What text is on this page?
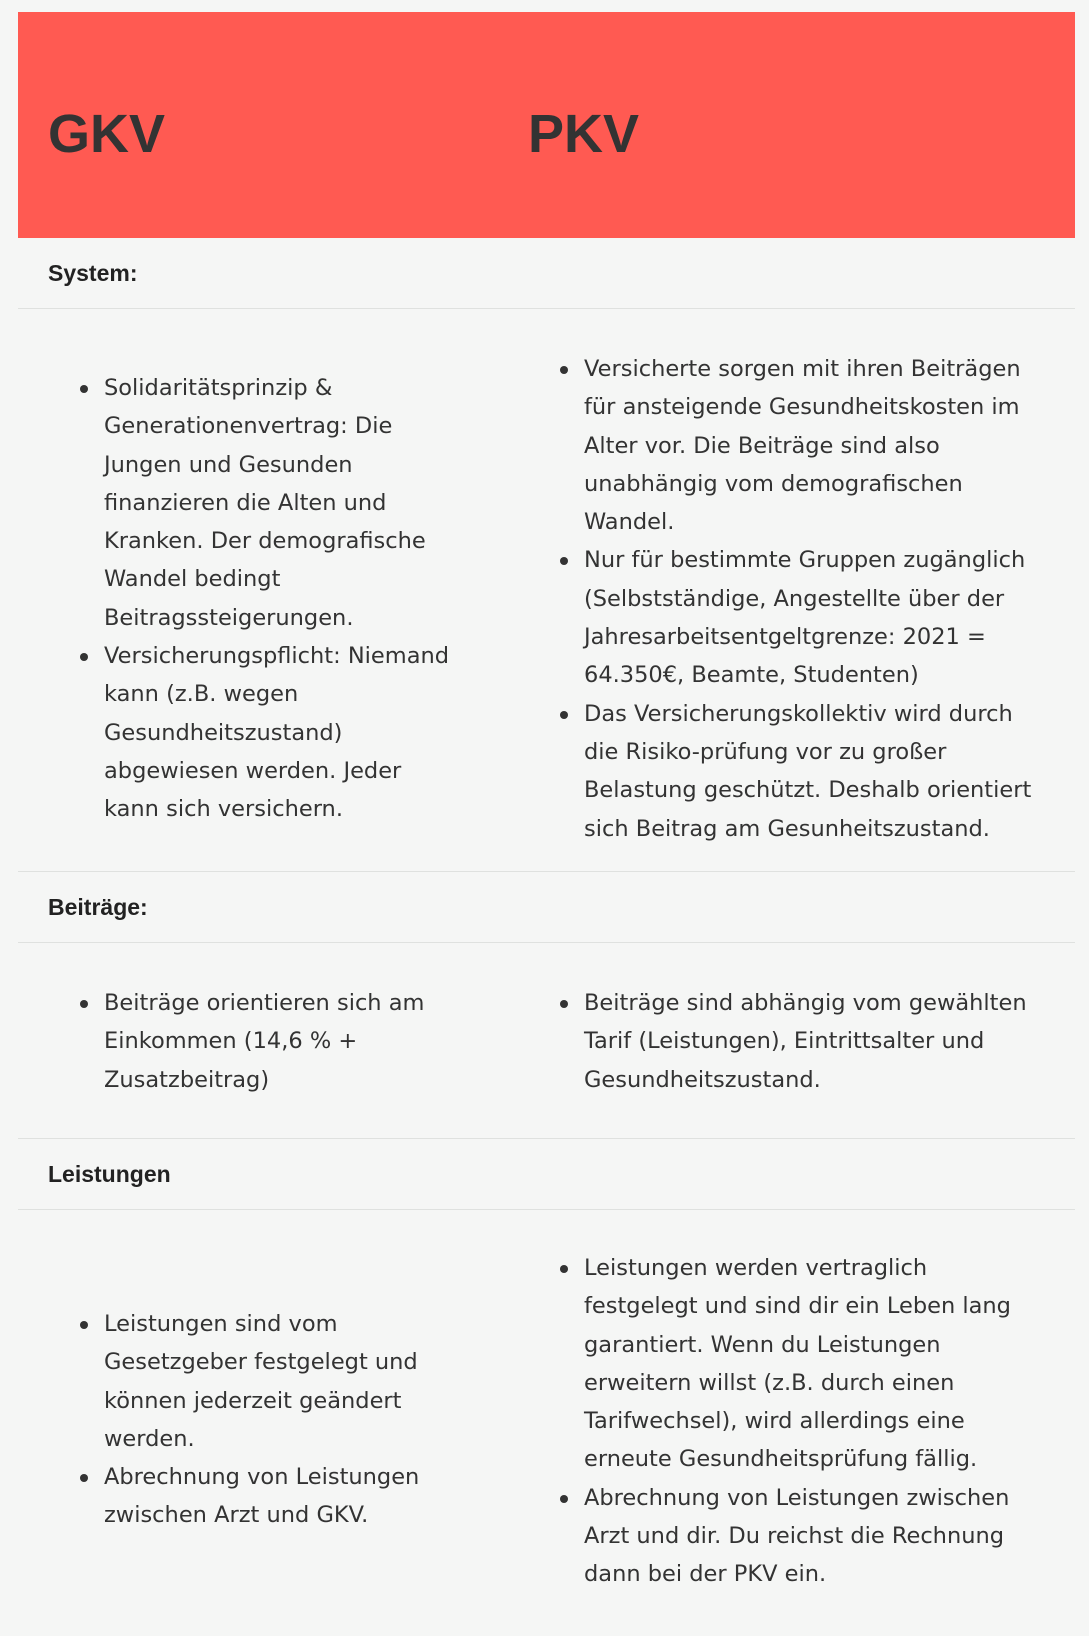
GKV	PKV
System:
Solidaritätsprinzip &
Generationenvertrag: Die
Jungen und Gesunden
finanzieren die Alten und
Kranken. Der demografische
Wandel bedingt
Beitragssteigerungen.
Versicherungspflicht: Niemand
kann (z.B. wegen
Gesundheitszustand)
abgewiesen werden. Jeder
kann sich versichern.
Versicherte sorgen mit ihren Beiträgen
für ansteigende Gesundheitskosten im
Alter vor. Die Beiträge sind also
unabhängig vom demografischen
Wandel.
Nur für bestimmte Gruppen zugänglich
(Selbstständige, Angestellte über der
Jahresarbeitsentgeltgrenze: 2021 =
64.350€, Beamte, Studenten)
Das Versicherungskollektiv wird durch
die Risiko-prüfung vor zu großer
Belastung geschützt. Deshalb orientiert
sich Beitrag am Gesunheitszustand.
Beiträge:
Beiträge orientieren sich am
Einkommen (14,6 % +
Zusatzbeitrag)
Beiträge sind abhängig vom gewählten
Tarif (Leistungen), Eintrittsalter und
Gesundheitszustand.
Leistungen
Leistungen sind vom
Gesetzgeber festgelegt und
können jederzeit geändert
werden.
Abrechnung von Leistungen
zwischen Arzt und GKV.
Leistungen werden vertraglich
festgelegt und sind dir ein Leben lang
garantiert. Wenn du Leistungen
erweitern willst (z.B. durch einen
Tarifwechsel), wird allerdings eine
erneute Gesundheitsprüfung fällig.
Abrechnung von Leistungen zwischen
Arzt und dir. Du reichst die Rechnung
dann bei der PKV ein.
